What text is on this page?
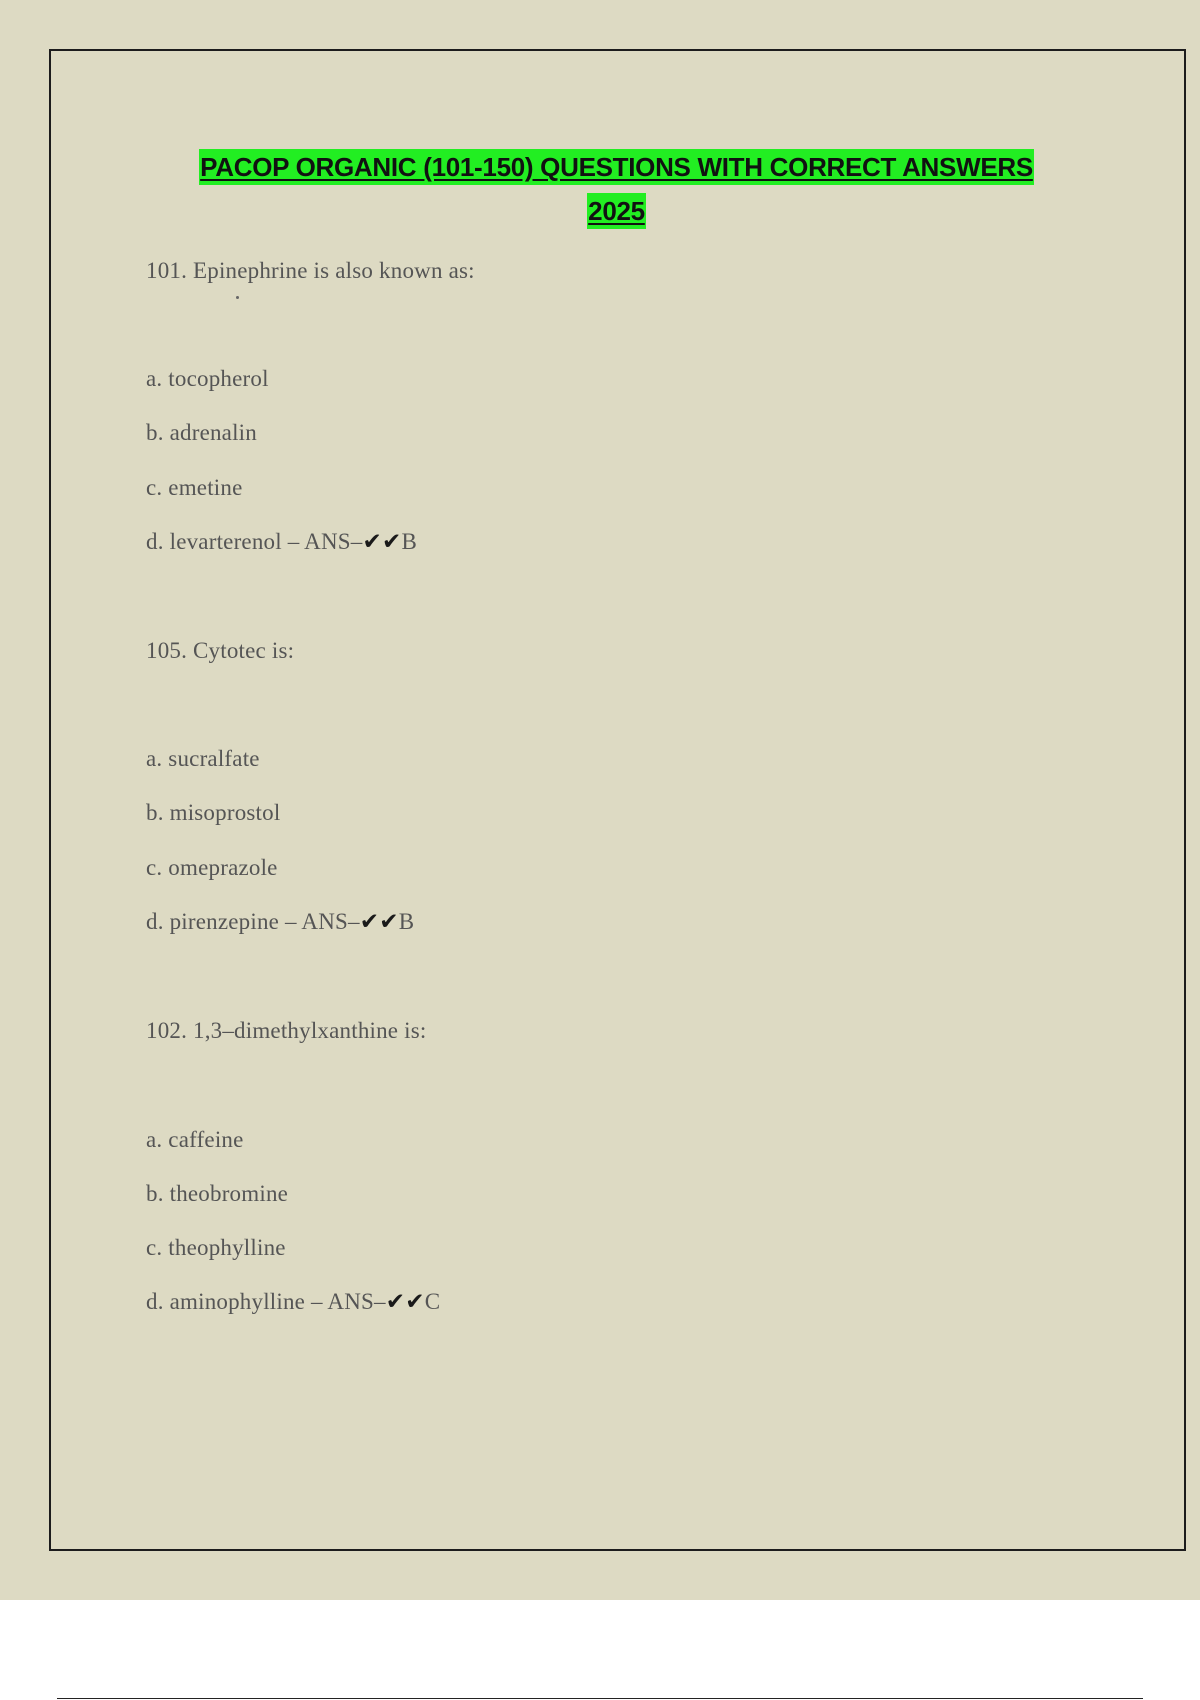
PACOP ORGANIC (101-150) QUESTIONS WITH CORRECT ANSWERS
2025
101. Epinephrine is also known as:
a. tocopherol
b. adrenalin
c. emetine
d. levarterenol – ANS–✔✔B
105. Cytotec is:
a. sucralfate
b. misoprostol
c. omeprazole
d. pirenzepine – ANS–✔✔B
102. 1,3–dimethylxanthine is:
a. caffeine
b. theobromine
c. theophylline
d. aminophylline – ANS–✔✔C
